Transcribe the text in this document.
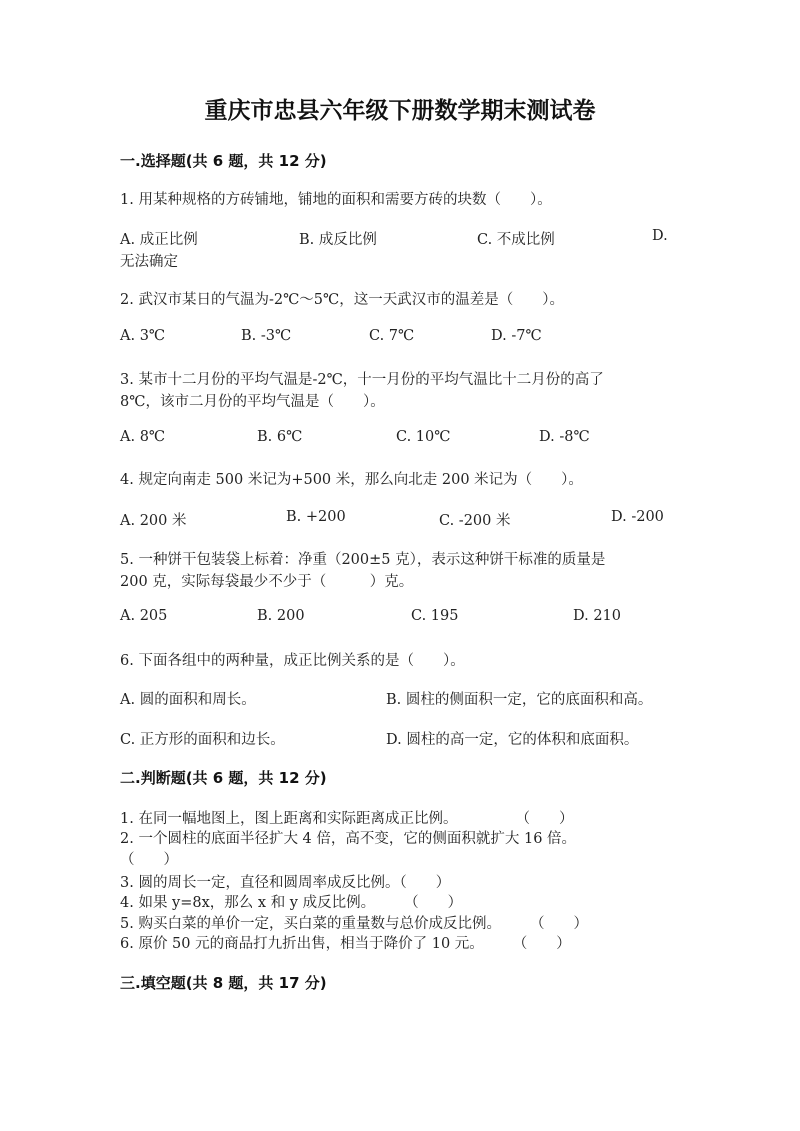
重庆市忠县六年级下册数学期末测试卷
一.选择题(共 6 题，共 12 分)
1. 用某种规格的方砖铺地，铺地的面积和需要方砖的块数（　　）。
A. 成正比例	B. 成反比例	C. 不成比例	D.
无法确定
2. 武汉市某日的气温为-2℃～5℃，这一天武汉市的温差是（　　）。
A. 3℃	B. -3℃	C. 7℃	D. -7℃
3. 某市十二月份的平均气温是-2℃，十一月份的平均气温比十二月份的高了
8℃，该市二月份的平均气温是（　　）。
A. 8℃	B. 6℃	C. 10℃	D. -8℃
4. 规定向南走 500 米记为+500 米，那么向北走 200 米记为（　　）。
A. 200 米	B. +200	C. -200 米	D. -200
5. 一种饼干包装袋上标着：净重（200±5 克），表示这种饼干标准的质量是
200 克，实际每袋最少不少于（　　　）克。
A. 205	B. 200	C. 195	D. 210
6. 下面各组中的两种量，成正比例关系的是（　　）。
A. 圆的面积和周长。	B. 圆柱的侧面积一定，它的底面积和高。
C. 正方形的面积和边长。	D. 圆柱的高一定，它的体积和底面积。
二.判断题(共 6 题，共 12 分)
1. 在同一幅地图上，图上距离和实际距离成正比例。　　　　　（　　）
2. 一个圆柱的底面半径扩大 4 倍，高不变，它的侧面积就扩大 16 倍。
（　　）
3. 圆的周长一定，直径和圆周率成反比例。（　　）
4. 如果 y=8x，那么 x 和 y 成反比例。　　　（　　）
5. 购买白菜的单价一定，买白菜的重量数与总价成反比例。　　　（　　）
6. 原价 50 元的商品打九折出售，相当于降价了 10 元。　　　（　　）
三.填空题(共 8 题，共 17 分)
